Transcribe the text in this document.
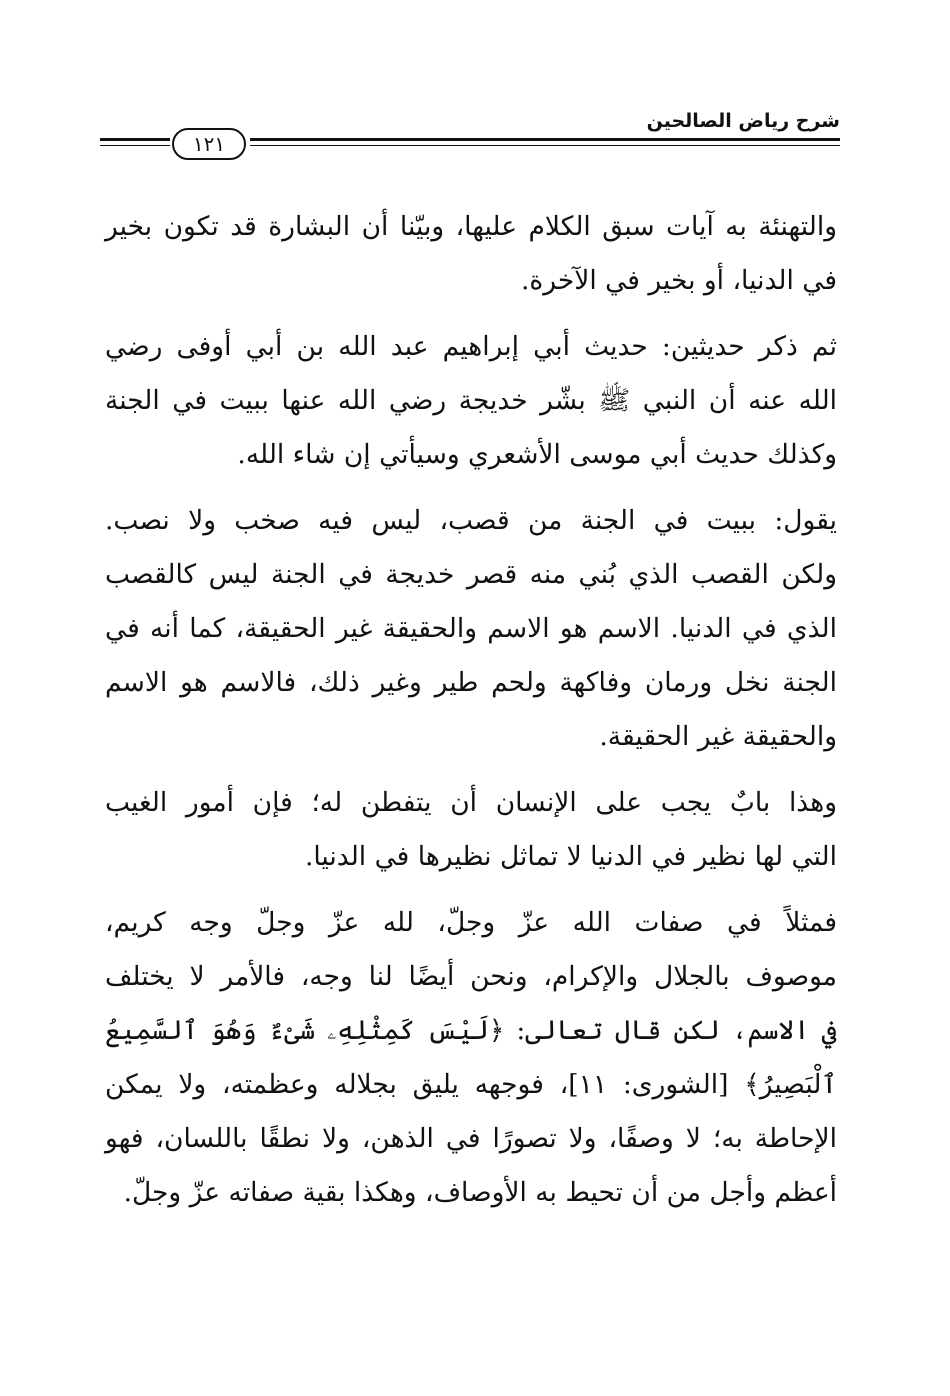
شرح رياض الصالحين
١٢١

والتهنئة به آيات سبق الكلام عليها، وبيّنا أن البشارة قد تكون بخير
في الدنيا، أو بخير في الآخرة.

ثم ذكر حديثين: حديث أبي إبراهيم عبد الله بن أبي أوفى رضي
الله عنه أن النبي ﷺ بشّر خديجة رضي الله عنها ببيت في الجنة
وكذلك حديث أبي موسى الأشعري وسيأتي إن شاء الله.

يقول: ببيت في الجنة من قصب، ليس فيه صخب ولا نصب.
ولكن القصب الذي بُني منه قصر خديجة في الجنة ليس كالقصب
الذي في الدنيا. الاسم هو الاسم والحقيقة غير الحقيقة، كما أنه في
الجنة نخل ورمان وفاكهة ولحم طير وغير ذلك، فالاسم هو الاسم
والحقيقة غير الحقيقة.

وهذا بابٌ يجب على الإنسان أن يتفطن له؛ فإن أمور الغيب
التي لها نظير في الدنيا لا تماثل نظيرها في الدنيا.

فمثلاً في صفات الله عزّ وجلّ، لله عزّ وجلّ وجه كريم،
موصوف بالجلال والإكرام، ونحن أيضًا لنا وجه، فالأمر لا يختلف
في الاسم، لكن قال تعالى: ﴿لَيْسَ كَمِثْلِهِۦ شَىْءٌ وَهُوَ ٱلسَّمِيعُ
ٱلْبَصِيرُ﴾ [الشورى: ١١]، فوجهه يليق بجلاله وعظمته، ولا يمكن
الإحاطة به؛ لا وصفًا، ولا تصورًا في الذهن، ولا نطقًا باللسان، فهو
أعظم وأجل من أن تحيط به الأوصاف، وهكذا بقية صفاته عزّ وجلّ.
